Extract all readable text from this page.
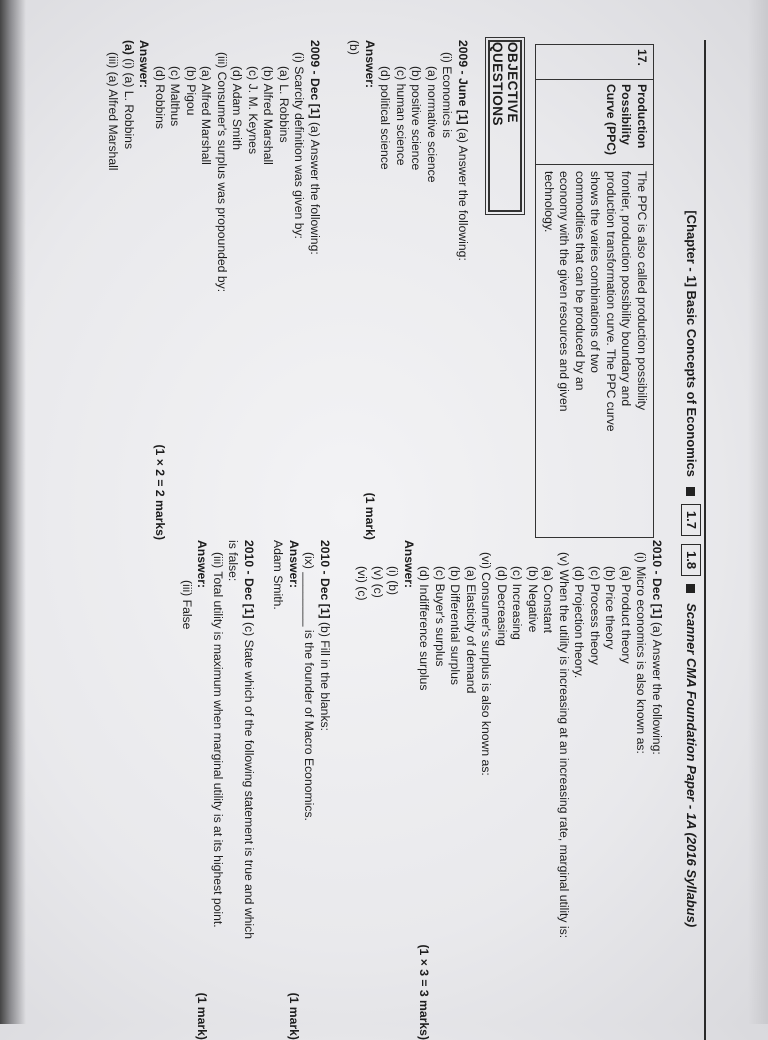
[Chapter - 1] Basic Concepts of Economics
1.7
17.
Production
Possibility
Curve (PPC)
The PPC is also called production possibility
frontier, production possibility boundary and
production transformation curve. The PPC curve
shows the varies combinations of two
commodities that can be produced by an
economy with the given resources and given
technology.
OBJECTIVE QUESTIONS
2009 - June [1] (a) Answer the following:
(i) Economics is
(a) normative science
(b) positive science
(c) human science
(d) political science
Answer:
(1 mark)
(b)
2009 - Dec [1] (a) Answer the following:
(i) Scarcity definition was given by:
(a) L. Robbins
(b) Alfred Marshall
(c) J. M. Keynes
(d) Adam Smith
(iii) Consumer's surplus was propounded by:
(a) Alfred Marshall
(b) Pigou
(c) Malthus
(d) Robbins
(1 × 2 = 2 marks)
Answer:
(a) (i) (a) L. Robbins
(iii) (a) Alfred Marshall
1.8
Scanner CMA Foundation Paper - 1A (2016 Syllabus)
2010 - Dec [1] (a) Answer the following:
(i) Micro economics is also known as:
(a) Product theory
(b) Price theory
(c) Process theory
(d) Projection theory.
(v) When the utility is increasing at an increasing rate, marginal utility is:
(a) Constant
(b) Negative
(c) Increasing
(d) Decreasing
(vi) Consumer's surplus is also known as:
(a) Elasticity of demand
(b) Differential surplus
(c) Buyer's surplus
(d) Indifference surplus
(1 × 3 = 3 marks)
Answer:
(i) (b)
(v) (c)
(vi) (c)
2010 - Dec [1] (b) Fill in the blanks:
(ix) ________ is the founder of Macro Economics.
Answer:
(1 mark)
Adam Smith.
2010 - Dec [1] (c) State which of the following statement is true and which
is false:
(iii) Total utility is maximum when marginal utility is at its highest point.
Answer:
(1 mark)
(iii) False
